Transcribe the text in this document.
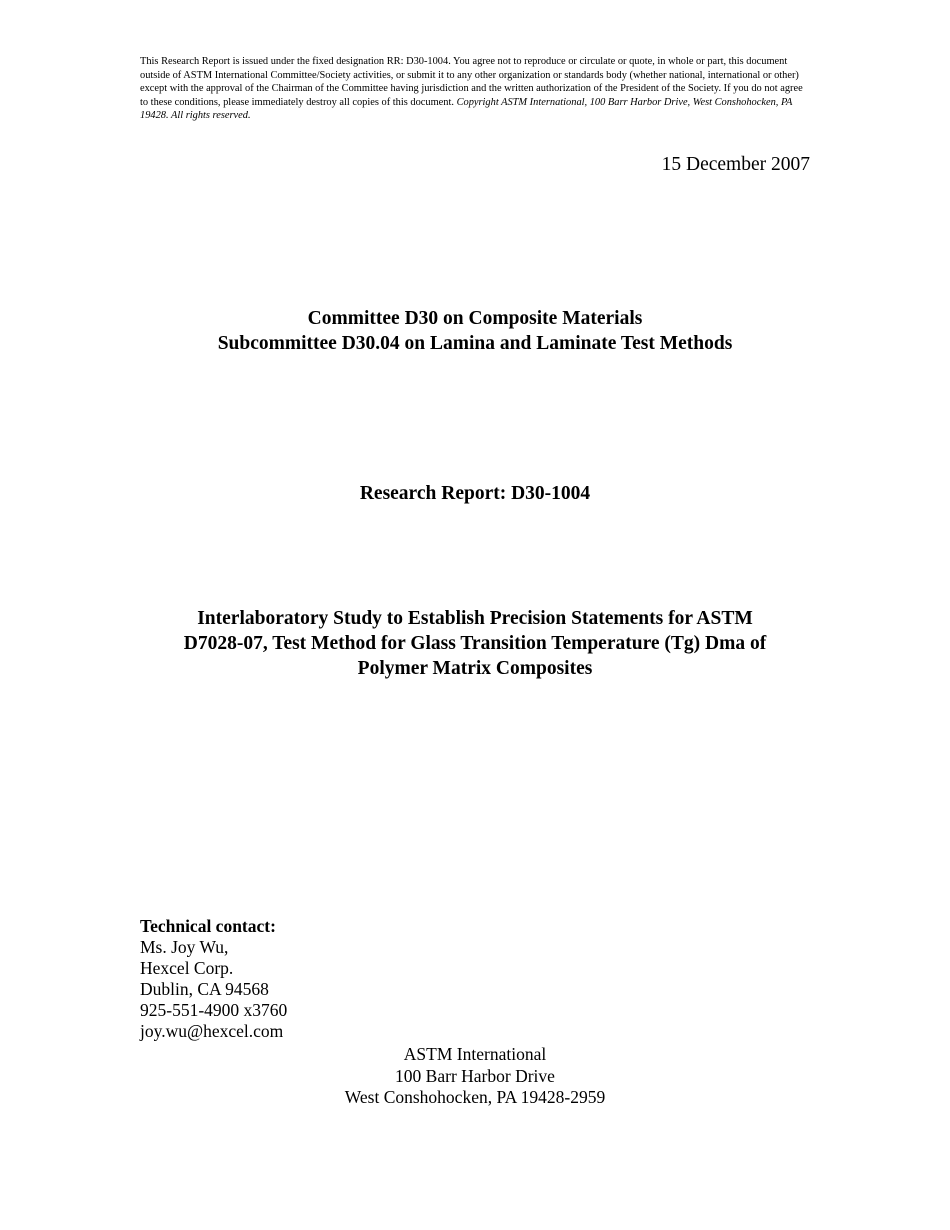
This Research Report is issued under the fixed designation RR: D30-1004. You agree not to reproduce or circulate or quote, in whole or part, this document outside of ASTM International Committee/Society activities, or submit it to any other organization or standards body (whether national, international or other) except with the approval of the Chairman of the Committee having jurisdiction and the written authorization of the President of the Society. If you do not agree to these conditions, please immediately destroy all copies of this document. Copyright ASTM International, 100 Barr Harbor Drive, West Conshohocken, PA 19428. All rights reserved.
15 December 2007
Committee D30 on Composite Materials
Subcommittee D30.04 on Lamina and Laminate Test Methods
Research Report: D30-1004
Interlaboratory Study to Establish Precision Statements for ASTM
D7028-07, Test Method for Glass Transition Temperature (Tg) Dma of
Polymer Matrix Composites
Technical contact:
Ms. Joy Wu,
Hexcel Corp.
Dublin, CA 94568
925-551-4900 x3760
joy.wu@hexcel.com
ASTM International
100 Barr Harbor Drive
West Conshohocken, PA 19428-2959
